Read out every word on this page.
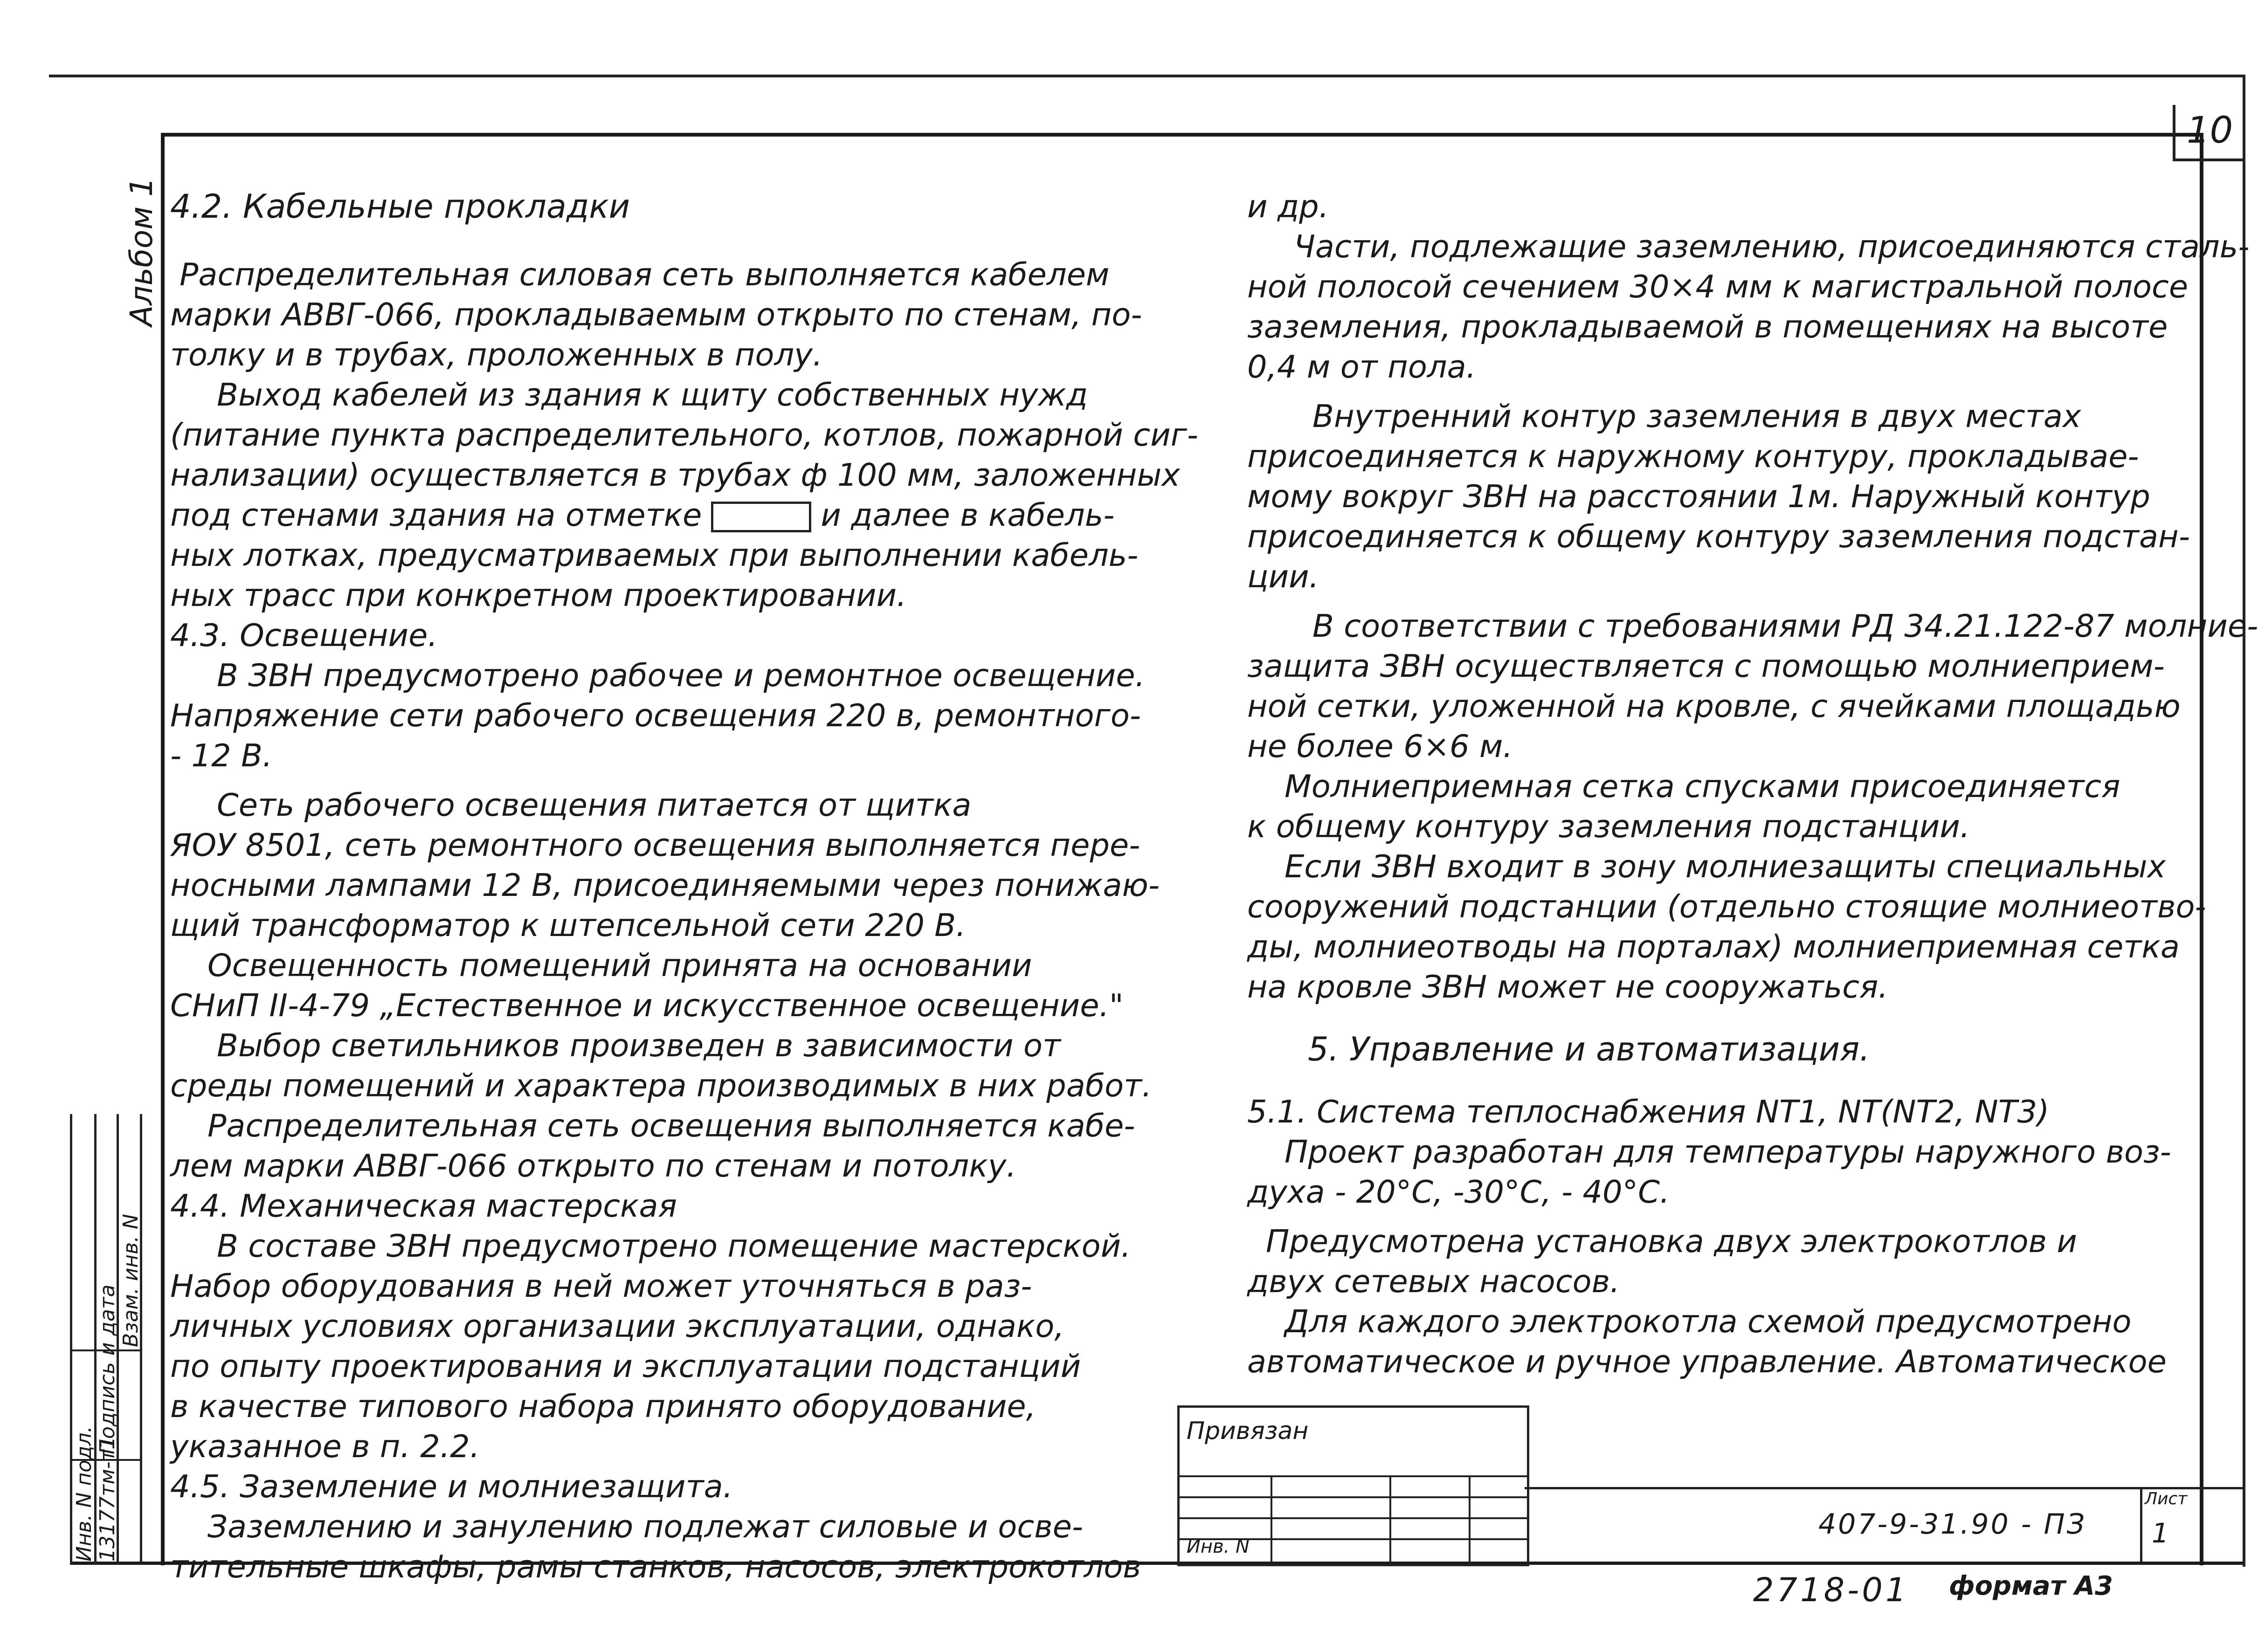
10
Альбом 1 4.2. Кабельные прокладки

Распределительная силовая сеть выполняется кабелем

марки АВВГ-066, прокладываемым открыто по стенам, по-

толку и в трубах, проложенных в полу.

Выход кабелей из здания к щиту собственных нужд

(питание пункта распределительного, котлов, пожарной сиг-

нализации) осуществляется в трубах ф 100 мм, заложенных

под стенами здания на отметке	и далее в кабель-

ных лотках, предусматриваемых при выполнении кабель-

ных трасс при конкретном проектировании.

4.3. Освещение.

В ЗВН предусмотрено рабочее и ремонтное освещение.

Напряжение сети рабочего освещения 220 в, ремонтного-

- 12 В.

Сеть рабочего освещения питается от щитка

ЯОУ 8501, сеть ремонтного освещения выполняется пере-

носными лампами 12 В, присоединяемыми через понижаю-

щий трансформатор к штепсельной сети 220 В.

Освещенность помещений принята на основании

СНиП II-4-79 „Естественное и искусственное освещение."

Выбор светильников произведен в зависимости от

среды помещений и характера производимых в них работ.

Распределительная сеть освещения выполняется кабе-

лем марки АВВГ-066 открыто по стенам и потолку.

4.4. Механическая мастерская

В составе ЗВН предусмотрено помещение мастерской.

Набор оборудования в ней может уточняться в раз-

личных условиях организации эксплуатации, однако,

по опыту проектирования и эксплуатации подстанций

в качестве типового набора принято оборудование,

указанное в п. 2.2.

4.5. Заземление и молниезащита.

Заземлению и занулению подлежат силовые и осве-

тительные шкафы, рамы станков, насосов, электрокотлов

и др.

Части, подлежащие заземлению, присоединяются сталь-

ной полосой сечением 30×4 мм к магистральной полосе

заземления, прокладываемой в помещениях на высоте

0,4 м от пола.

Внутренний контур заземления в двух местах

присоединяется к наружному контуру, прокладывае-

мому вокруг ЗВН на расстоянии 1м. Наружный контур

присоединяется к общему контуру заземления подстан-

ции.

В соответствии с требованиями РД 34.21.122-87 молние-

защита ЗВН осуществляется с помощью молниеприем-

ной сетки, уложенной на кровле, с ячейками площадью

не более 6×6 м.

Молниеприемная сетка спусками присоединяется

к общему контуру заземления подстанции.

Если ЗВН входит в зону молниезащиты специальных

сооружений подстанции (отдельно стоящие молниеотво-

ды, молниеотводы на порталах) молниеприемная сетка

на кровле ЗВН может не сооружаться.

5. Управление и автоматизация.

5.1. Система теплоснабжения NT1, NT(NT2, NT3)

Проект разработан для температуры наружного воз-

духа - 20°С, -30°С, - 40°С.

Предусмотрена установка двух электрокотлов и

двух сетевых насосов.

Для каждого электрокотла схемой предусмотрено

автоматическое и ручное управление. Автоматическое

Инв. N подл. 13177тм-т1
Подпись и дата
Взам. инв. N
Привязан
Инв. N
407-9-31.90 - ПЗ
Лист
1
2718-01 формат А3
